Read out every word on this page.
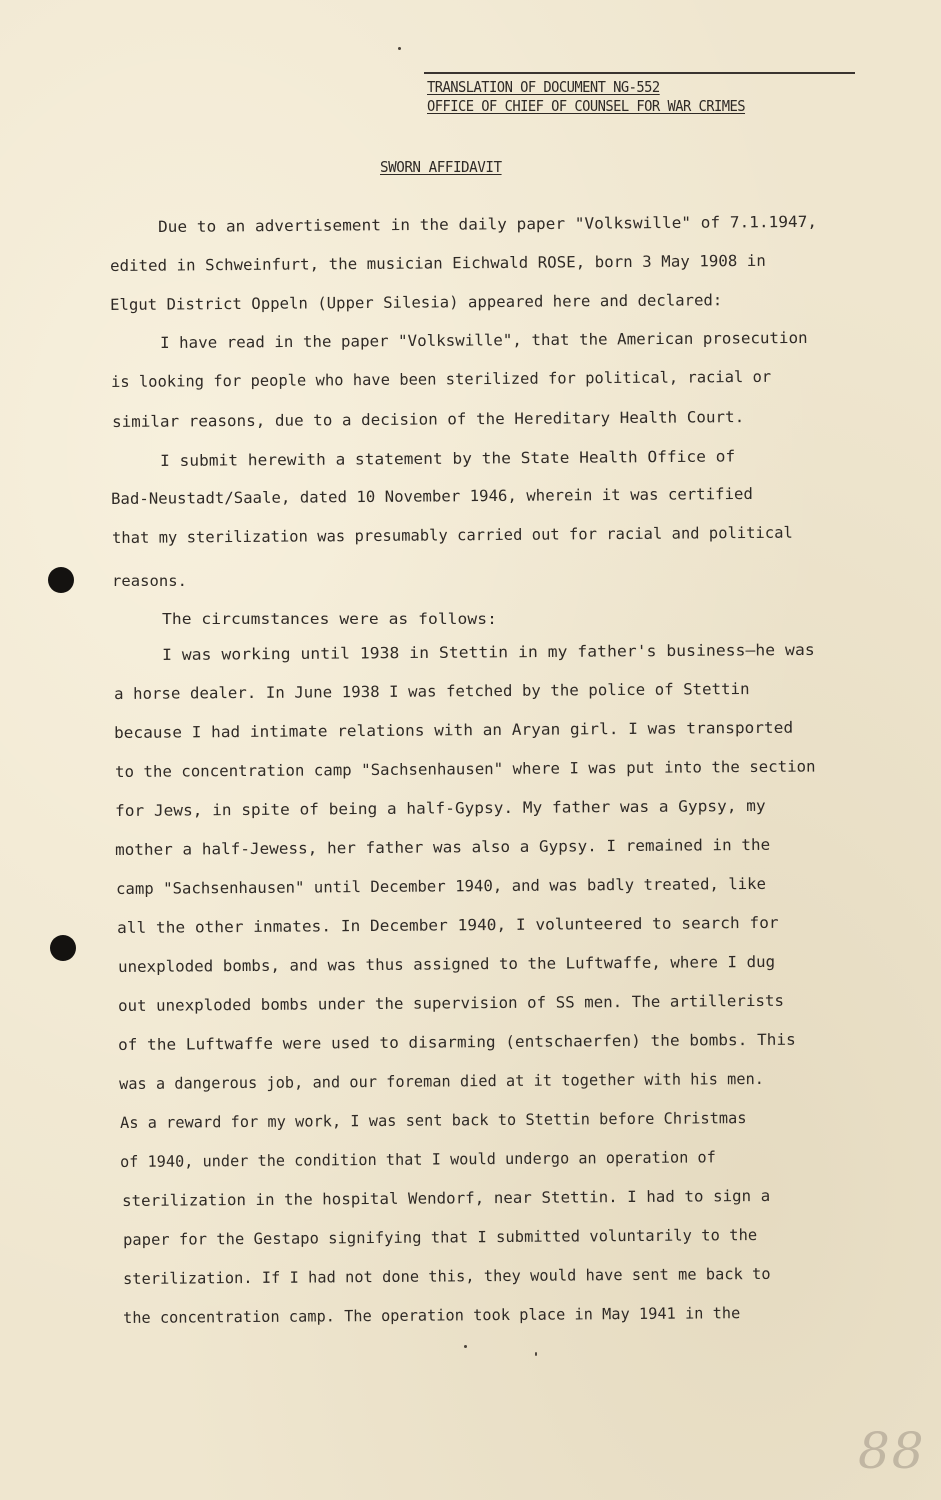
TRANSLATION OF DOCUMENT NG-552
OFFICE OF CHIEF OF COUNSEL FOR WAR CRIMES
SWORN AFFIDAVIT
Due to an advertisement in the daily paper "Volkswille" of 7.1.1947,
edited in Schweinfurt, the musician Eichwald ROSE, born 3 May 1908 in
Elgut District Oppeln (Upper Silesia) appeared here and declared:
I have read in the paper "Volkswille", that the American prosecution
is looking for people who have been sterilized for political, racial or
similar reasons, due to a decision of the Hereditary Health Court.
I submit herewith a statement by the State Health Office of
Bad-Neustadt/Saale, dated 10 November 1946, wherein it was certified
that my sterilization was presumably carried out for racial and political
reasons.
The circumstances were as follows:
I was working until 1938 in Stettin in my father's business—he was
a horse dealer. In June 1938 I was fetched by the police of Stettin
because I had intimate relations with an Aryan girl. I was transported
to the concentration camp "Sachsenhausen" where I was put into the section
for Jews, in spite of being a half-Gypsy. My father was a Gypsy, my
mother a half-Jewess, her father was also a Gypsy. I remained in the
camp "Sachsenhausen" until December 1940, and was badly treated, like
all the other inmates. In December 1940, I volunteered to search for
unexploded bombs, and was thus assigned to the Luftwaffe, where I dug
out unexploded bombs under the supervision of SS men. The artillerists
of the Luftwaffe were used to disarming (entschaerfen) the bombs. This
was a dangerous job, and our foreman died at it together with his men.
As a reward for my work, I was sent back to Stettin before Christmas
of 1940, under the condition that I would undergo an operation of
sterilization in the hospital Wendorf, near Stettin. I had to sign a
paper for the Gestapo signifying that I submitted voluntarily to the
sterilization. If I had not done this, they would have sent me back to
the concentration camp. The operation took place in May 1941 in the
88
